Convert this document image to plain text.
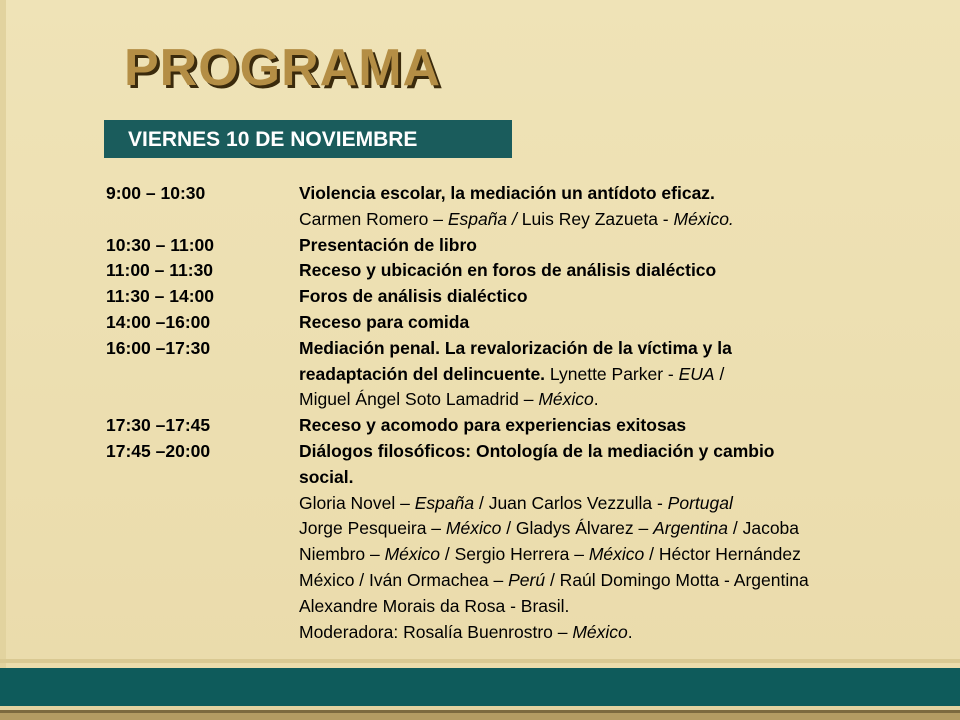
PROGRAMA
VIERNES 10 DE NOVIEMBRE
9:00 – 10:30	Violencia escolar, la mediación un antídoto eficaz.
Carmen Romero – España / Luis Rey Zazueta - México.
10:30 – 11:00	Presentación de libro
11:00 – 11:30	Receso y ubicación en foros de análisis dialéctico
11:30 – 14:00	Foros de análisis dialéctico
14:00 –16:00	Receso para comida
16:00 –17:30	Mediación penal. La revalorización de la víctima y la
readaptación del delincuente. Lynette Parker - EUA /
Miguel Ángel Soto Lamadrid – México.
17:30 –17:45	Receso y acomodo para experiencias exitosas
17:45 –20:00	Diálogos filosóficos: Ontología de la mediación y cambio
social.
Gloria Novel – España / Juan Carlos Vezzulla - Portugal
Jorge Pesqueira – México / Gladys Álvarez – Argentina / Jacoba
Niembro – México / Sergio Herrera – México / Héctor Hernández
México / Iván Ormachea – Perú / Raúl Domingo Motta - Argentina
Alexandre Morais da Rosa - Brasil.
Moderadora: Rosalía Buenrostro – México.
